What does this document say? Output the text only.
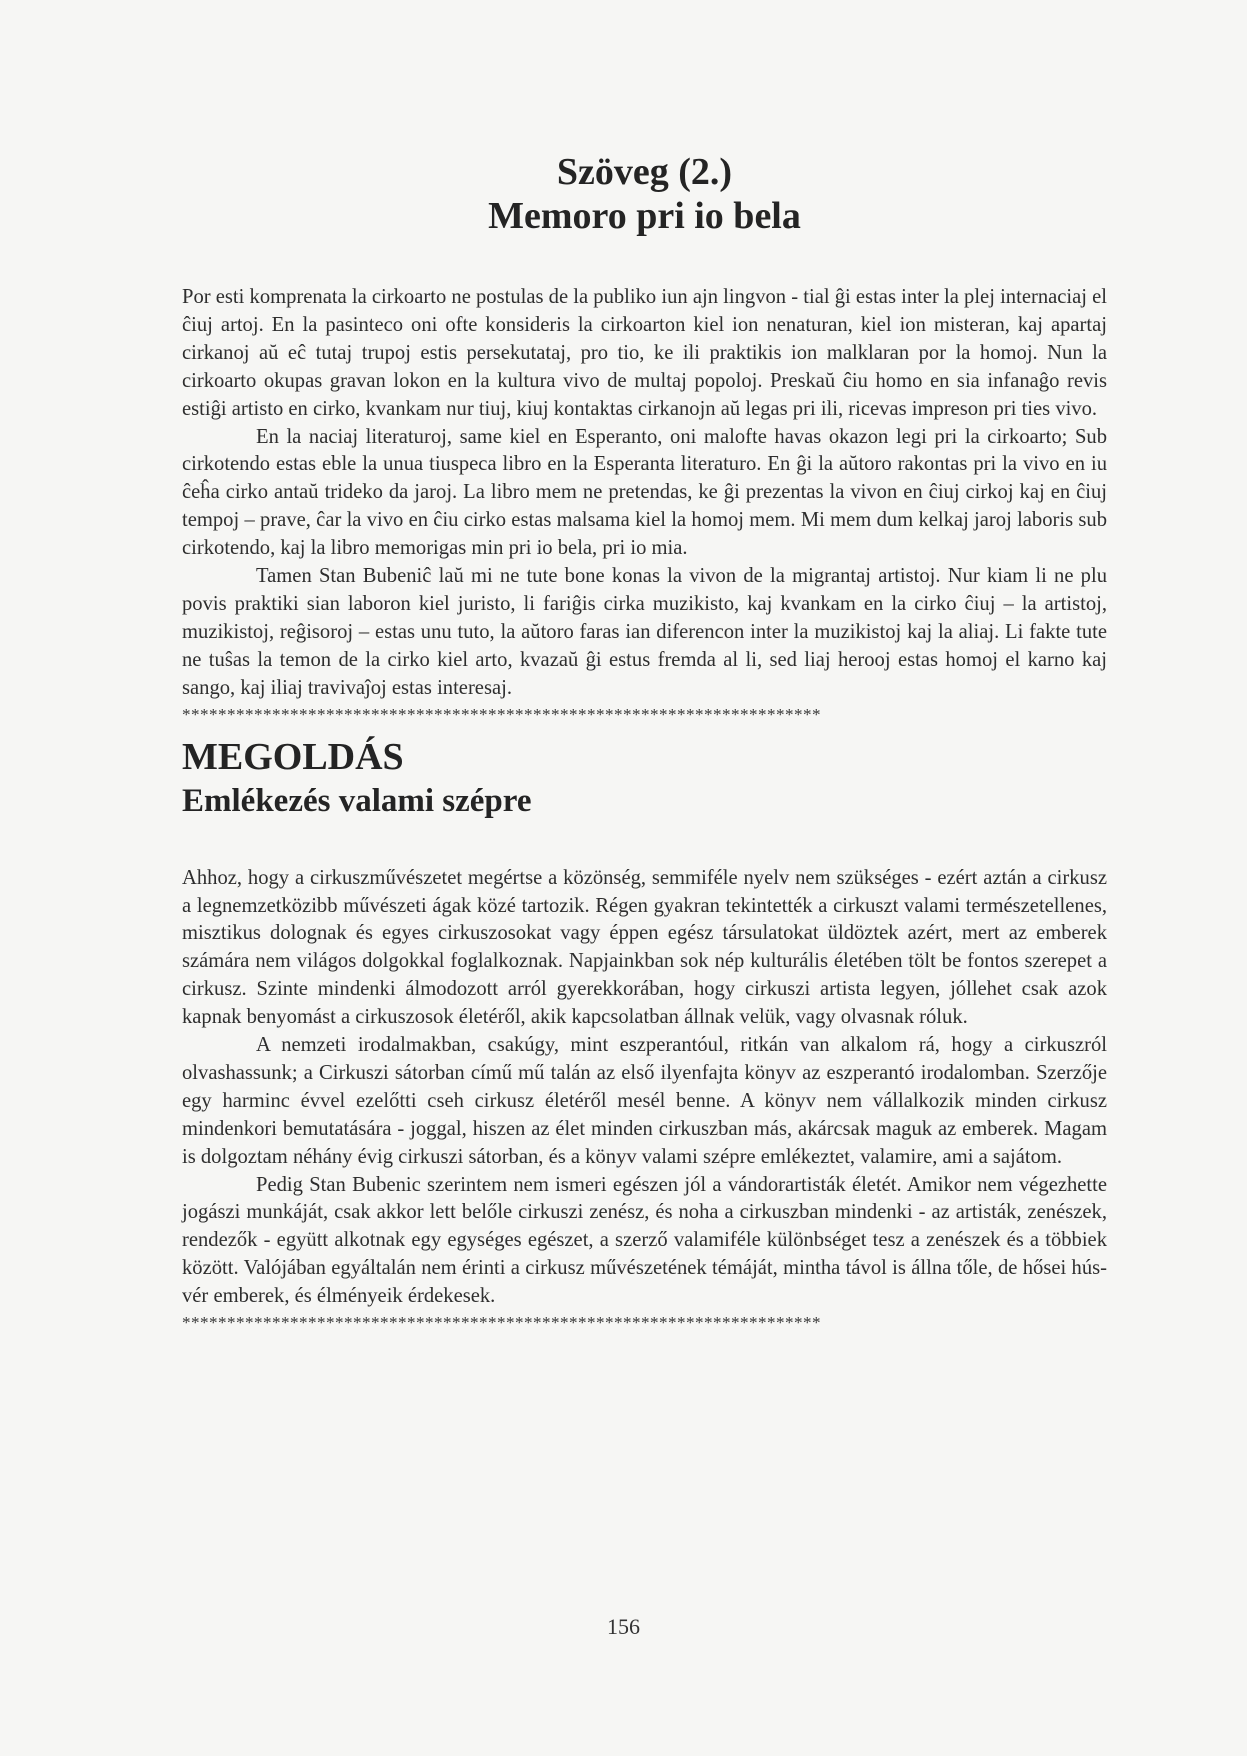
Szöveg (2.)
Memoro pri io bela

Por esti komprenata la cirkoarto ne postulas de la publiko iun ajn lingvon - tial ĝi estas inter la plej internaciaj el ĉiuj artoj. En la pasinteco oni ofte konsideris la cirkoarton kiel ion nenaturan, kiel ion misteran, kaj apartaj cirkanoj aŭ eĉ tutaj trupoj estis persekutataj, pro tio, ke ili praktikis ion malklaran por la homoj. Nun la cirkoarto okupas gravan lokon en la kultura vivo de multaj popoloj. Preskaŭ ĉiu homo en sia infanaĝo revis estiĝi artisto en cirko, kvankam nur tiuj, kiuj kontaktas cirkanojn aŭ legas pri ili, ricevas impreson pri ties vivo.

En la naciaj literaturoj, same kiel en Esperanto, oni malofte havas okazon legi pri la cirkoarto; Sub cirkotendo estas eble la unua tiuspeca libro en la Esperanta literaturo. En ĝi la aŭtoro rakontas pri la vivo en iu ĉeĥa cirko antaŭ trideko da jaroj. La libro mem ne pretendas, ke ĝi prezentas la vivon en ĉiuj cirkoj kaj en ĉiuj tempoj – prave, ĉar la vivo en ĉiu cirko estas malsama kiel la homoj mem. Mi mem dum kelkaj jaroj laboris sub cirkotendo, kaj la libro memorigas min pri io bela, pri io mia.

Tamen Stan Bubeniĉ laŭ mi ne tute bone konas la vivon de la migrantaj artistoj. Nur kiam li ne plu povis praktiki sian laboron kiel juristo, li fariĝis cirka muzikisto, kaj kvankam en la cirko ĉiuj – la artistoj, muzikistoj, reĝisoroj – estas unu tuto, la aŭtoro faras ian diferencon inter la muzikistoj kaj la aliaj. Li fakte tute ne tuŝas la temon de la cirko kiel arto, kvazaŭ ĝi estus fremda al li, sed liaj herooj estas homoj el karno kaj sango, kaj iliaj travivaĵoj estas interesaj.

***********************************************************************
MEGOLDÁS
Emlékezés valami szépre

Ahhoz, hogy a cirkuszművészetet megértse a közönség, semmiféle nyelv nem szükséges - ezért aztán a cirkusz a legnemzetközibb művészeti ágak közé tartozik. Régen gyakran tekintették a cirkuszt valami természetellenes, misztikus dolognak és egyes cirkuszosokat vagy éppen egész társulatokat üldöztek azért, mert az emberek számára nem világos dolgokkal foglalkoznak. Napjainkban sok nép kulturális életében tölt be fontos szerepet a cirkusz. Szinte mindenki álmodozott arról gyerekkorában, hogy cirkuszi artista legyen, jóllehet csak azok kapnak benyomást a cirkuszosok életéről, akik kapcsolatban állnak velük, vagy olvasnak róluk.

A nemzeti irodalmakban, csakúgy, mint eszperantóul, ritkán van alkalom rá, hogy a cirkuszról olvashassunk; a Cirkuszi sátorban című mű talán az első ilyenfajta könyv az eszperantó irodalomban. Szerzője egy harminc évvel ezelőtti cseh cirkusz életéről mesél benne. A könyv nem vállalkozik minden cirkusz mindenkori bemutatására - joggal, hiszen az élet minden cirkuszban más, akárcsak maguk az emberek. Magam is dolgoztam néhány évig cirkuszi sátorban, és a könyv valami szépre emlékeztet, valamire, ami a sajátom.

Pedig Stan Bubenic szerintem nem ismeri egészen jól a vándorartisták életét. Amikor nem végezhette jogászi munkáját, csak akkor lett belőle cirkuszi zenész, és noha a cirkuszban mindenki - az artisták, zenészek, rendezők - együtt alkotnak egy egységes egészet, a szerző valamiféle különbséget tesz a zenészek és a többiek között. Valójában egyáltalán nem érinti a cirkusz művészetének témáját, mintha távol is állna tőle, de hősei hús-vér emberek, és élményeik érdekesek.

***********************************************************************
156
